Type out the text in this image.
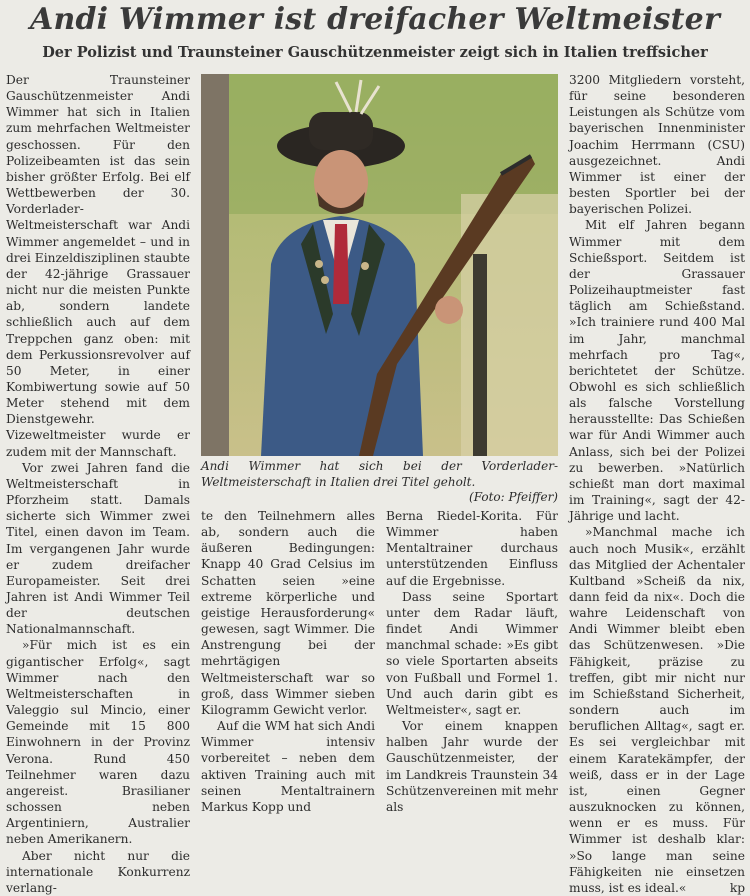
Andi Wimmer ist dreifacher Weltmeister
Der Polizist und Traunsteiner Gauschützenmeister zeigt sich in Italien treffsicher

Der Traunsteiner Gauschützenmeister Andi Wimmer hat sich in Italien zum mehrfachen Weltmeister geschossen. Für den Polizeibeamten ist das sein bisher größter Erfolg. Bei elf Wettbewerben der 30. Vorderlader-Weltmeisterschaft war Andi Wimmer angemeldet – und in drei Einzeldisziplinen staubte der 42-jährige Grassauer nicht nur die meisten Punkte ab, sondern landete schließlich auch auf dem Treppchen ganz oben: mit dem Perkussionsrevolver auf 50 Meter, in einer Kombiwertung sowie auf 50 Meter stehend mit dem Dienstgewehr. Vizeweltmeister wurde er zudem mit der Mannschaft.

Vor zwei Jahren fand die Weltmeisterschaft in Pforzheim statt. Damals sicherte sich Wimmer zwei Titel, einen davon im Team. Im vergangenen Jahr wurde er zudem dreifacher Europameister. Seit drei Jahren ist Andi Wimmer Teil der deutschen Nationalmannschaft.

»Für mich ist es ein gigantischer Erfolg«, sagt Wimmer nach den Weltmeisterschaften in Valeggio sul Mincio, einer Gemeinde mit 15 800 Einwohnern in der Provinz Verona. Rund 450 Teilnehmer waren dazu angereist. Brasilianer schossen neben Argentiniern, Australier neben Amerikanern.

Aber nicht nur die internationale Konkurrenz verlang-

Andi Wimmer hat sich bei der Vorderlader-Weltmeisterschaft in Italien drei Titel geholt.
(Foto: Pfeiffer)

te den Teilnehmern alles ab, sondern auch die äußeren Bedingungen: Knapp 40 Grad Celsius im Schatten seien »eine extreme körperliche und geistige Herausforderung« gewesen, sagt Wimmer. Die Anstrengung bei der mehrtägigen Weltmeisterschaft war so groß, dass Wimmer sieben Kilogramm Gewicht verlor.

Auf die WM hat sich Andi Wimmer intensiv vorbereitet – neben dem aktiven Training auch mit seinen Mentaltrainern Markus Kopp und

Berna Riedel-Korita. Für Wimmer haben Mentaltrainer durchaus unterstützenden Einfluss auf die Ergebnisse.

Dass seine Sportart unter dem Radar läuft, findet Andi Wimmer manchmal schade: »Es gibt so viele Sportarten abseits von Fußball und Formel 1. Und auch darin gibt es Weltmeister«, sagt er.

Vor einem knappen halben Jahr wurde der Gauschützenmeister, der im Landkreis Traunstein 34 Schützenvereinen mit mehr als

3200 Mitgliedern vorsteht, für seine besonderen Leistungen als Schütze vom bayerischen Innenminister Joachim Herrmann (CSU) ausgezeichnet. Andi Wimmer ist einer der besten Sportler bei der bayerischen Polizei.

Mit elf Jahren begann Wimmer mit dem Schießsport. Seitdem ist der Grassauer Polizeihauptmeister fast täglich am Schießstand. »Ich trainiere rund 400 Mal im Jahr, manchmal mehrfach pro Tag«, berichtetet der Schütze. Obwohl es sich schließlich als falsche Vorstellung herausstellte: Das Schießen war für Andi Wimmer auch Anlass, sich bei der Polizei zu bewerben. »Natürlich schießt man dort maximal im Training«, sagt der 42-Jährige und lacht.

»Manchmal mache ich auch noch Musik«, erzählt das Mitglied der Achentaler Kultband »Scheiß da nix, dann feid da nix«. Doch die wahre Leidenschaft von Andi Wimmer bleibt eben das Schützenwesen. »Die Fähigkeit, präzise zu treffen, gibt mir nicht nur im Schießstand Sicherheit, sondern auch im beruflichen Alltag«, sagt er. Es sei vergleichbar mit einem Karatekämpfer, der weiß, dass er in der Lage ist, einen Gegner auszuknocken zu können, wenn er es muss. Für Wimmer ist deshalb klar: »So lange man seine Fähigkeiten nie einsetzen muss, ist es ideal.«	kp
